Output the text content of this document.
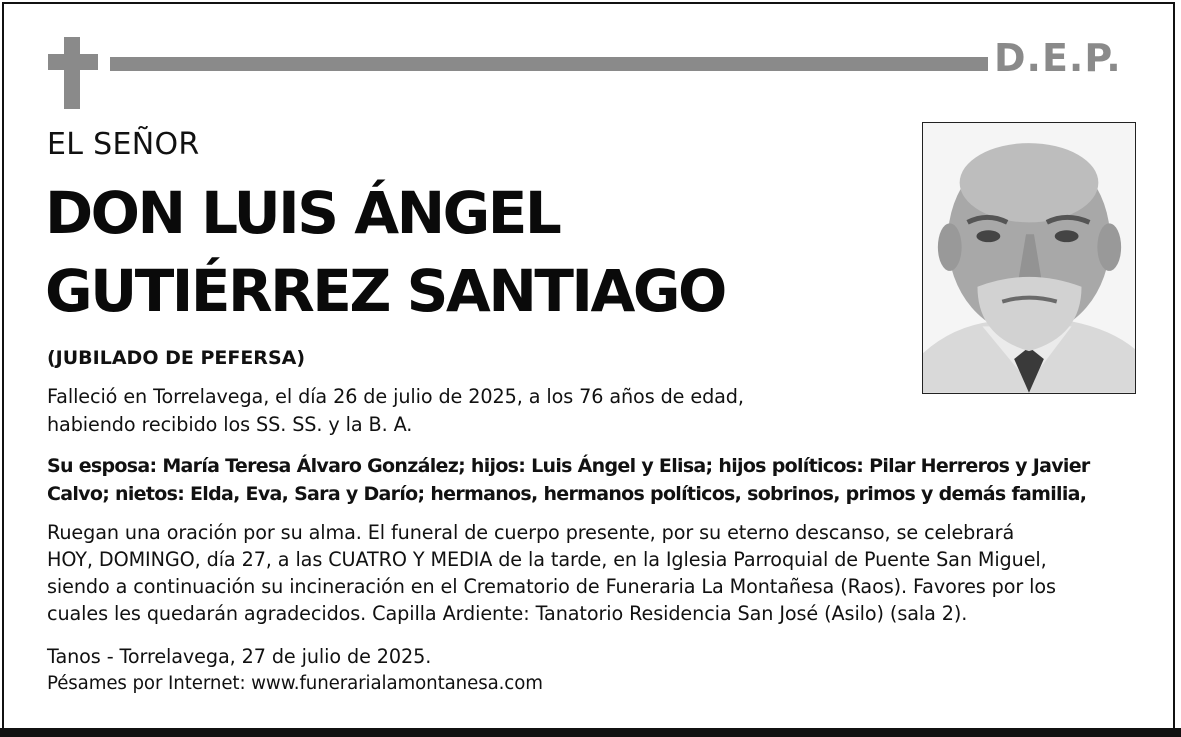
D.E.P.
EL SEÑOR
DON LUIS ÁNGEL
GUTIÉRREZ SANTIAGO
(JUBILADO DE PEFERSA)
Falleció en Torrelavega, el día 26 de julio de 2025, a los 76 años de edad,
habiendo recibido los SS. SS. y la B. A.
Su esposa: María Teresa Álvaro González; hijos: Luis Ángel y Elisa; hijos políticos: Pilar Herreros y Javier
Calvo; nietos: Elda, Eva, Sara y Darío; hermanos, hermanos políticos, sobrinos, primos y demás familia,
Ruegan una oración por su alma. El funeral de cuerpo presente, por su eterno descanso, se celebrará
HOY, DOMINGO, día 27, a las CUATRO Y MEDIA de la tarde, en la Iglesia Parroquial de Puente San Miguel,
siendo a continuación su incineración en el Crematorio de Funeraria La Montañesa (Raos). Favores por los
cuales les quedarán agradecidos. Capilla Ardiente: Tanatorio Residencia San José (Asilo) (sala 2).
Tanos - Torrelavega, 27 de julio de 2025.
Pésames por Internet: www.funerarialamontanesa.com
